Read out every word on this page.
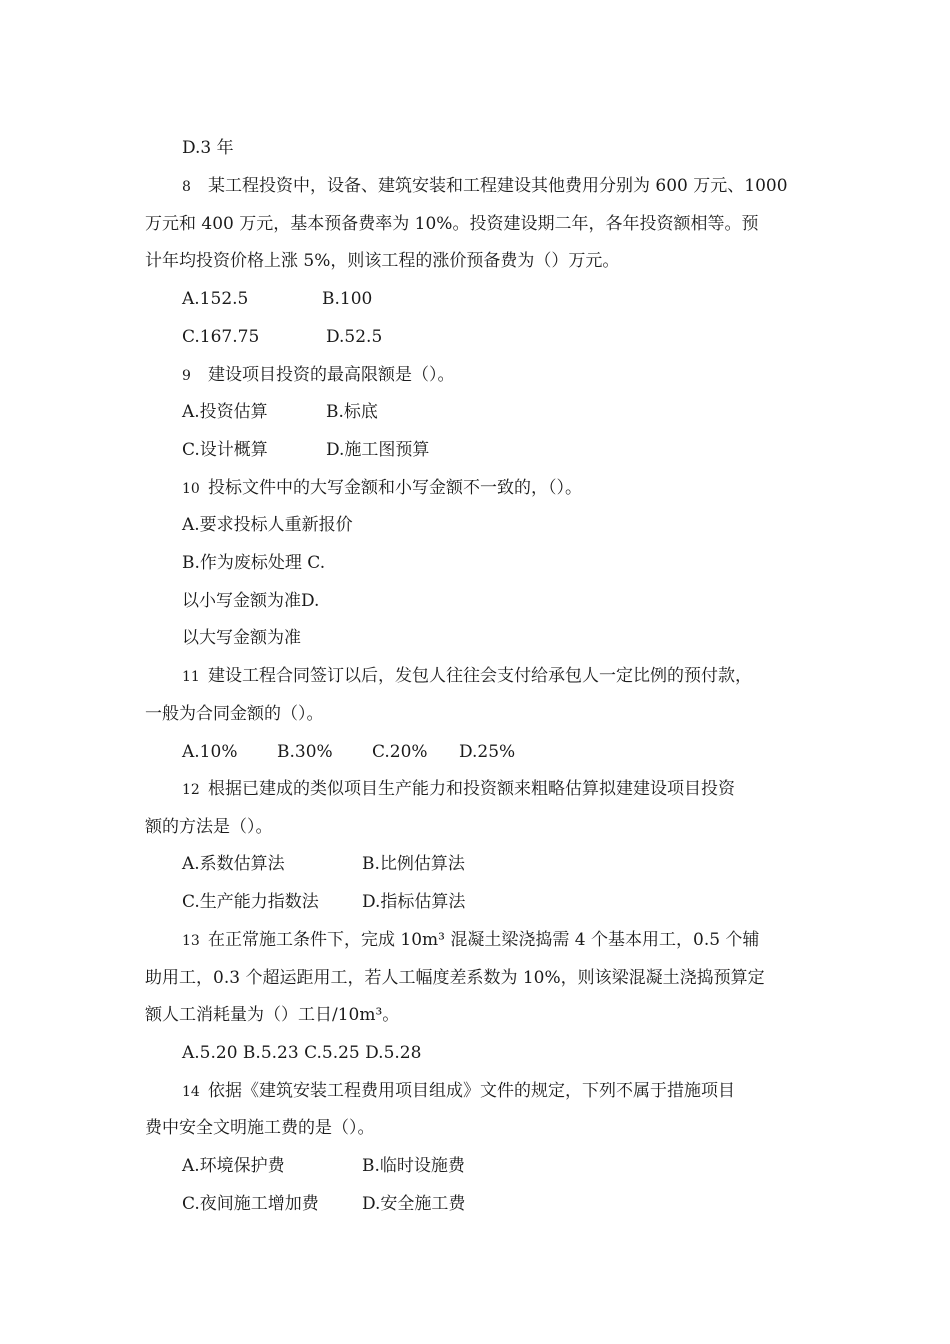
D.3 年
8 某工程投资中，设备、建筑安装和工程建设其他费用分别为 600 万元、1000
万元和 400 万元，基本预备费率为 10%。投资建设期二年，各年投资额相等。预
计年均投资价格上涨 5%，则该工程的涨价预备费为（）万元。
A.152.5	B.100
C.167.75	D.52.5
9 建设项目投资的最高限额是（）。
A.投资估算	B.标底
C.设计概算	D.施工图预算
10 投标文件中的大写金额和小写金额不一致的，（）。
A.要求投标人重新报价
B.作为废标处理 C.
以小写金额为准D.
以大写金额为准
11 建设工程合同签订以后，发包人往往会支付给承包人一定比例的预付款，
一般为合同金额的（）。
A.10% B.30% C.20% D.25%
12 根据已建成的类似项目生产能力和投资额来粗略估算拟建建设项目投资
额的方法是（）。
A.系数估算法	B.比例估算法
C.生产能力指数法	D.指标估算法
13 在正常施工条件下，完成 10m³ 混凝土梁浇捣需 4 个基本用工，0.5 个辅
助用工，0.3 个超运距用工，若人工幅度差系数为 10%，则该梁混凝土浇捣预算定
额人工消耗量为（）工日/10m³。
A.5.20 B.5.23 C.5.25 D.5.28
14 依据《建筑安装工程费用项目组成》文件的规定，下列不属于措施项目
费中安全文明施工费的是（）。
A.环境保护费	B.临时设施费
C.夜间施工增加费	D.安全施工费
